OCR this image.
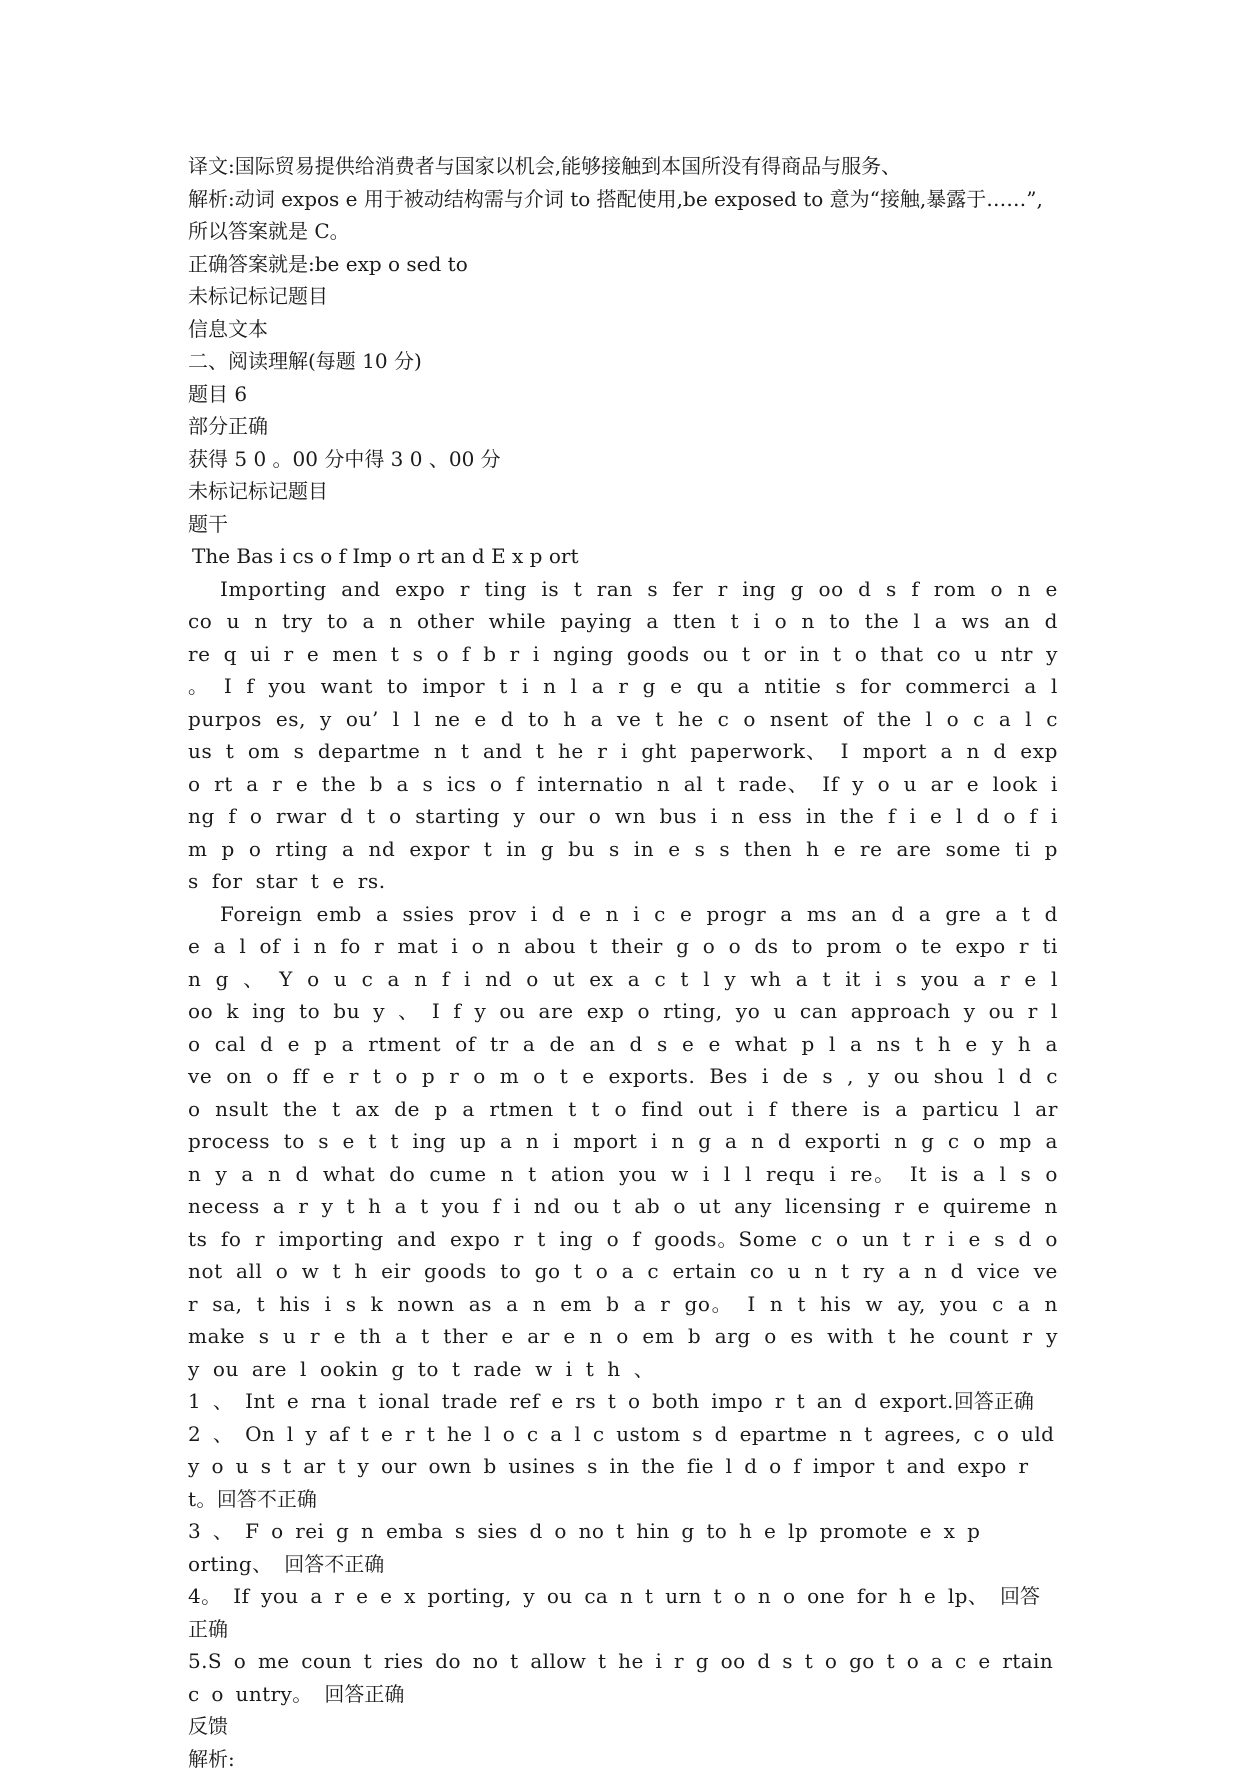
译文:国际贸易提供给消费者与国家以机会,能够接触到本国所没有得商品与服务、

解析:动词 expos e 用于被动结构需与介词 to 搭配使用,be exposed to 意为“接触,暴露于……”,所以答案就是 C。

正确答案就是:be exp o sed to

未标记标记题目

信息文本

二、阅读理解(每题 10 分)

题目 6

部分正确

获得 5 0 。00 分中得 3 0 、00 分

未标记标记题目

题干

The Bas i cs o f Imp o rt an d E x p ort

Importing and expo r ting is t ran s fer r ing g oo d s f rom o n e co u n try to a n other while paying a tten t i o n to the l a ws an d re q ui r e men t s o f b r i nging goods ou t or in t o that co u ntr y 。 I f you want to impor t i n l a r g e qu a ntitie s for commerci a l purpos es, y ou’ l l ne e d to h a ve t he c o nsent of the l o c a l c us t om s departme n t and t he r i ght paperwork、 I mport a n d exp o rt a r e the b a s ics o f internatio n al t rade、 If y o u ar e look i ng f o rwar d t o starting y our o wn bus i n ess in the f i e l d o f i m p o rting a nd expor t in g bu s in e s s then h e re are some ti p s for star t e rs.

Foreign emb a ssies prov i d e n i c e progr a ms an d a gre a t d e a l of i n fo r mat i o n abou t their g o o ds to prom o te expo r ti n g 、 Y o u c a n f i nd o ut ex a c t l y wh a t it i s you a r e l oo k ing to bu y 、 I f y ou are exp o rting, yo u can approach y ou r l o cal d e p a rtment of tr a de an d s e e what p l a ns t h e y h a ve on o ff e r t o p r o m o t e exports. Bes i de s , y ou shou l d c o nsult the t ax de p a rtmen t t o find out i f there is a particu l ar process to s e t t ing up a n i mport i n g a n d exporti n g c o mp a n y a n d what do cume n t ation you w i l l requ i re。 It is a l s o necess a r y t h a t you f i nd ou t ab o ut any licensing r e quireme n ts fo r importing and expo r t ing o f goods。Some c o un t r i e s d o not all o w t h eir goods to go t o a c ertain co u n t ry a n d vice ve r sa, t his i s k nown as a n em b a r go。 I n t his w ay, you c a n make s u r e th a t ther e ar e n o em b arg o es with t he count r y y ou are l ookin g to t rade w i t h 、

1 、 Int e rna t ional trade ref e rs t o both impo r t an d export.回答正确

2 、 On l y af t e r t he l o c a l c ustom s d epartme n t agrees, c o uld y o u s t ar t y our own b usines s in the fie l d o f impor t and expo r t。回答不正确

3 、 F o rei g n emba s sies d o no t hin g to h e lp promote e x p orting、 回答不正确

4。 If you a r e e x porting, y ou ca n t urn t o n o one for h e lp、 回答正确

5.S o me coun t ries do no t allow t he i r g oo d s t o go t o a c e rtain c o untry。 回答正确

反馈

解析:
